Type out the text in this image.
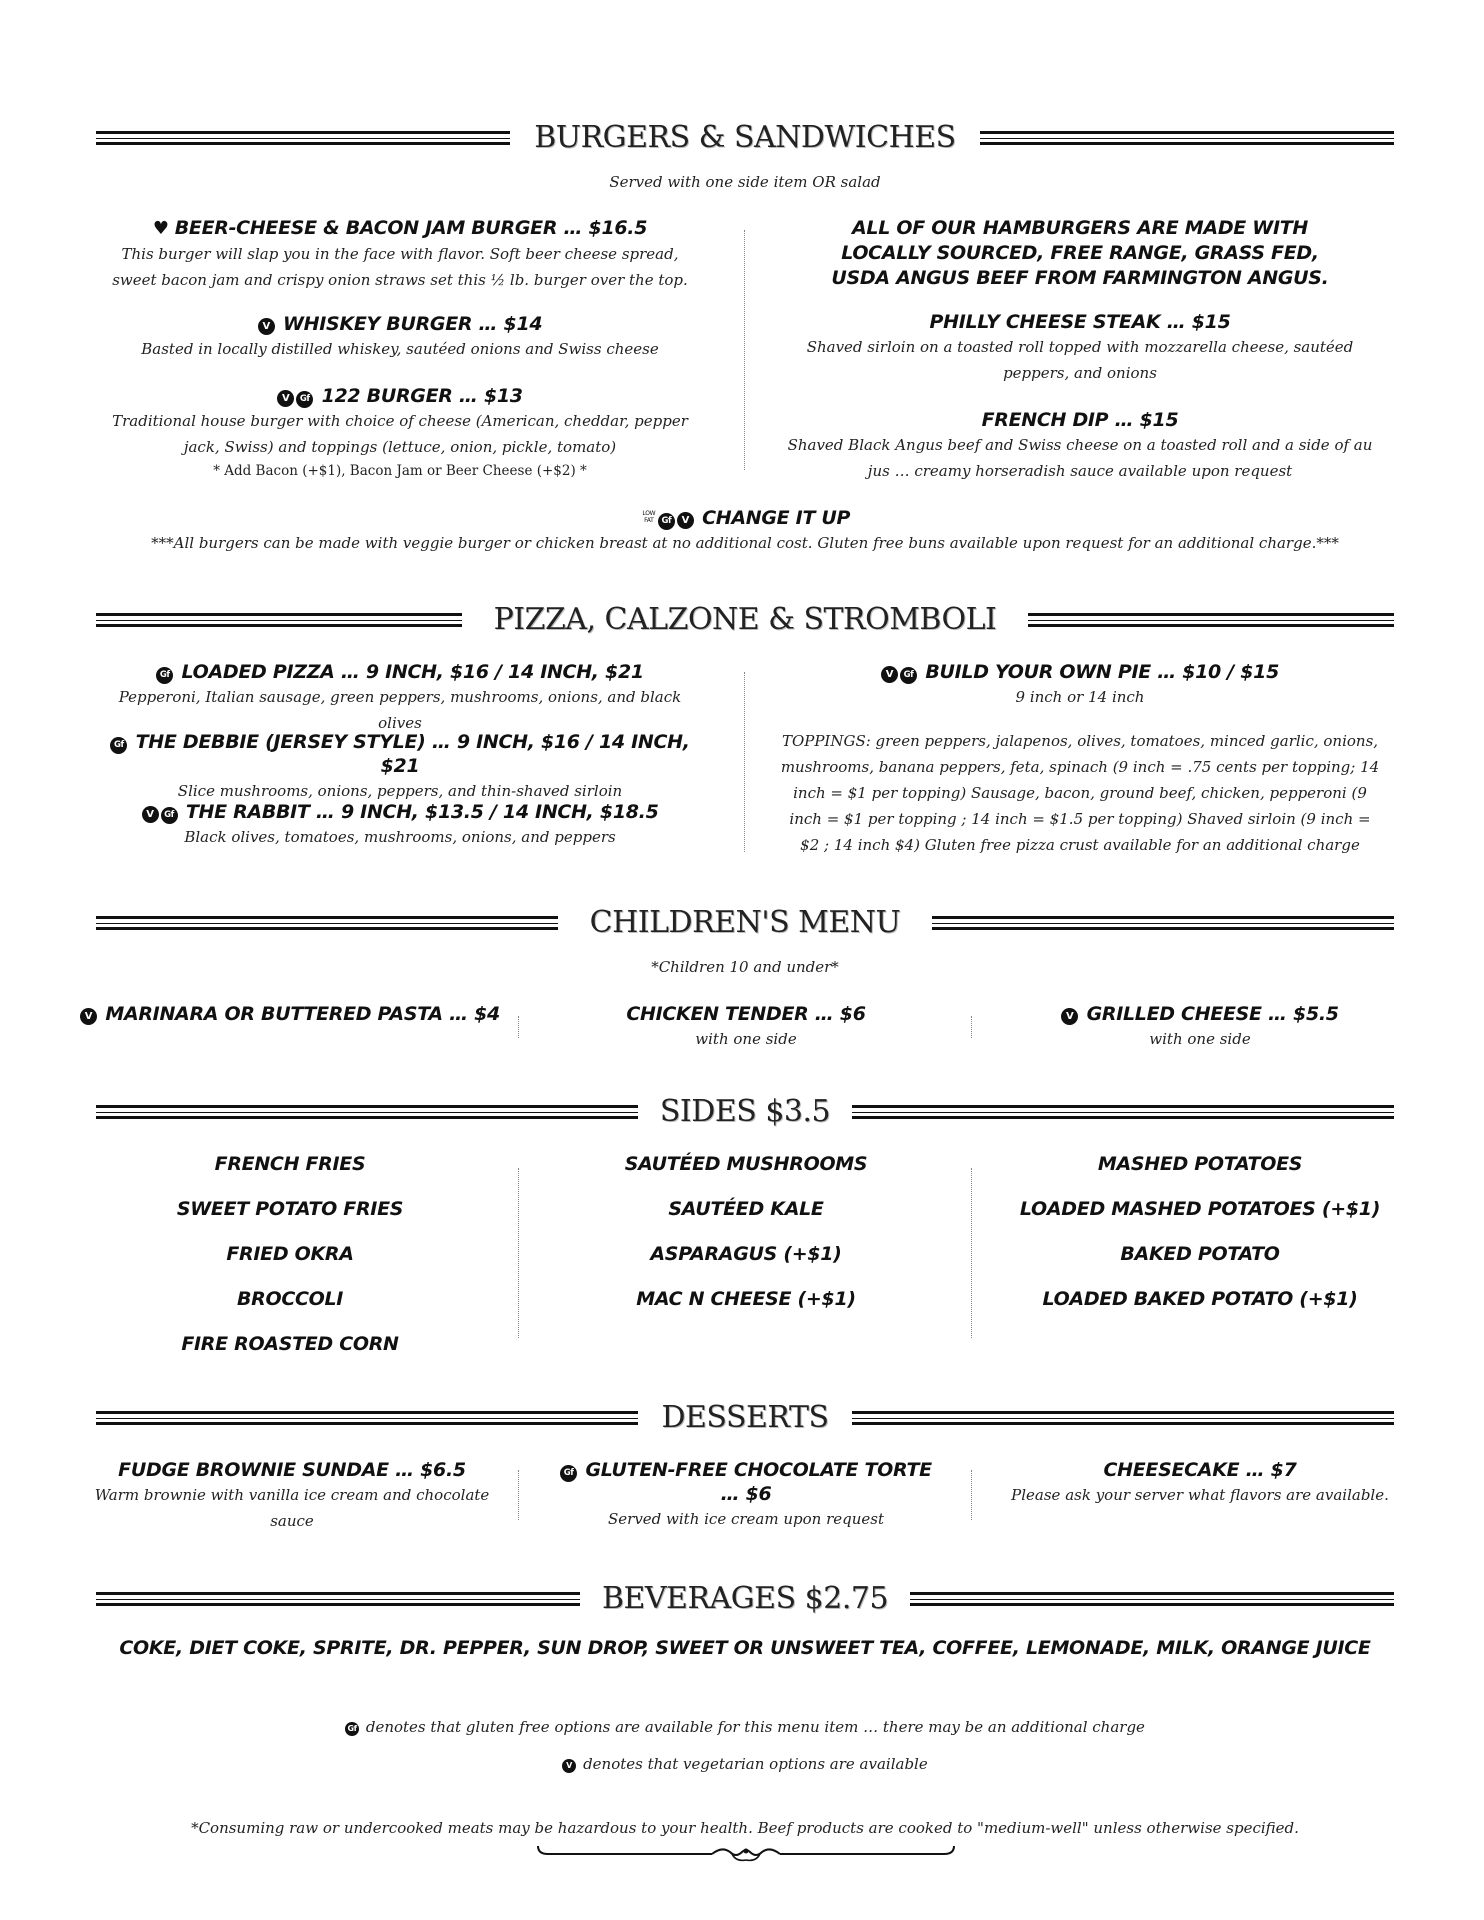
BURGERS & SANDWICHES
Served with one side item OR salad
♥ BEER-CHEESE & BACON JAM BURGER … $16.5
This burger will slap you in the face with flavor. Soft beer cheese spread, sweet bacon jam and crispy onion straws set this ½ lb. burger over the top.
V WHISKEY BURGER … $14
Basted in locally distilled whiskey, sautéed onions and Swiss cheese
V Gf 122 BURGER … $13
Traditional house burger with choice of cheese (American, cheddar, pepper jack, Swiss) and toppings (lettuce, onion, pickle, tomato)
* Add Bacon (+$1), Bacon Jam or Beer Cheese (+$2) *
ALL OF OUR HAMBURGERS ARE MADE WITH LOCALLY SOURCED, FREE RANGE, GRASS FED, USDA ANGUS BEEF FROM FARMINGTON ANGUS.
PHILLY CHEESE STEAK … $15
Shaved sirloin on a toasted roll topped with mozzarella cheese, sautéed peppers, and onions
FRENCH DIP … $15
Shaved Black Angus beef and Swiss cheese on a toasted roll and a side of au jus … creamy horseradish sauce available upon request
LOW FAT Gf V CHANGE IT UP
***All burgers can be made with veggie burger or chicken breast at no additional cost. Gluten free buns available upon request for an additional charge.***
PIZZA, CALZONE & STROMBOLI
Gf LOADED PIZZA … 9 INCH, $16 / 14 INCH, $21
Pepperoni, Italian sausage, green peppers, mushrooms, onions, and black olives
Gf THE DEBBIE (JERSEY STYLE) … 9 INCH, $16 / 14 INCH, $21
Slice mushrooms, onions, peppers, and thin-shaved sirloin
V Gf THE RABBIT … 9 INCH, $13.5 / 14 INCH, $18.5
Black olives, tomatoes, mushrooms, onions, and peppers
V Gf BUILD YOUR OWN PIE … $10 / $15
9 inch or 14 inch
TOPPINGS: green peppers, jalapenos, olives, tomatoes, minced garlic, onions, mushrooms, banana peppers, feta, spinach (9 inch = .75 cents per topping; 14 inch = $1 per topping) Sausage, bacon, ground beef, chicken, pepperoni (9 inch = $1 per topping ; 14 inch = $1.5 per topping) Shaved sirloin (9 inch = $2 ; 14 inch $4) Gluten free pizza crust available for an additional charge
CHILDREN'S MENU
*Children 10 and under*
V MARINARA OR BUTTERED PASTA … $4	CHICKEN TENDER … $6
with one side
V GRILLED CHEESE … $5.5
with one side
SIDES $3.5
FRENCH FRIES
SWEET POTATO FRIES
FRIED OKRA
BROCCOLI
FIRE ROASTED CORN
SAUTÉED MUSHROOMS
SAUTÉED KALE
ASPARAGUS (+$1)
MAC N CHEESE (+$1)
MASHED POTATOES
LOADED MASHED POTATOES (+$1)
BAKED POTATO
LOADED BAKED POTATO (+$1)
DESSERTS
FUDGE BROWNIE SUNDAE … $6.5
Warm brownie with vanilla ice cream and chocolate sauce
Gf GLUTEN-FREE CHOCOLATE TORTE … $6
Served with ice cream upon request
CHEESECAKE … $7
Please ask your server what flavors are available.
BEVERAGES $2.75
COKE, DIET COKE, SPRITE, DR. PEPPER, SUN DROP, SWEET OR UNSWEET TEA, COFFEE, LEMONADE, MILK, ORANGE JUICE
Gf denotes that gluten free options are available for this menu item … there may be an additional charge
V denotes that vegetarian options are available
*Consuming raw or undercooked meats may be hazardous to your health. Beef products are cooked to "medium-well" unless otherwise specified.
